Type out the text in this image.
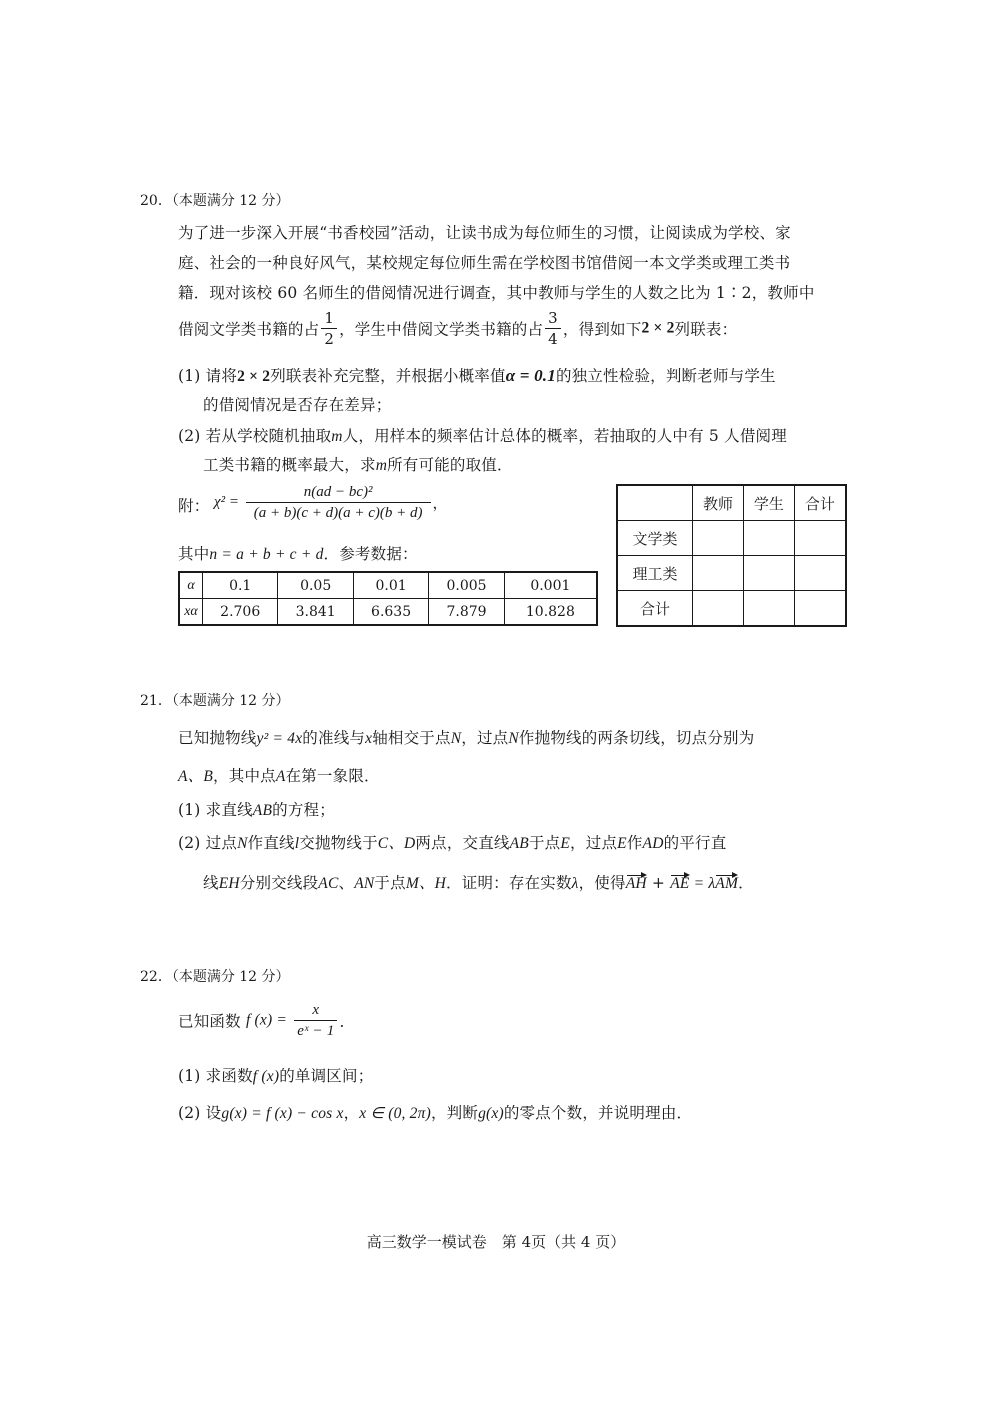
20．（本题满分 12 分）
为了进一步深入开展“书香校园”活动，让读书成为每位师生的习惯，让阅读成为学校、家
庭、社会的一种良好风气，某校规定每位师生需在学校图书馆借阅一本文学类或理工类书
籍．现对该校 60 名师生的借阅情况进行调查，其中教师与学生的人数之比为 1∶2，教师中
借阅文学类书籍的占 $\frac{1}{2}$ ，学生中借阅文学类书籍的占 $\frac{3}{4}$ ，得到如下2 × 2列联表：
(1) 请将2 × 2列联表补充完整，并根据小概率值α = 0.1的独立性检验，判断老师与学生
的借阅情况是否存在差异；
(2) 若从学校随机抽取m人，用样本的频率估计总体的概率，若抽取的人中有 5 人借阅理
工类书籍的概率最大，求m所有可能的取值．
附： $\chi^2 = \frac{\text{n(ad − bc)²}}{(a + b)(c + d)(a + c)(b + d)}$ ，
其中n = a + b + c + d．参考数据：
α	0.1	0.05	0.01	0.005	0.001
xα	2.706	3.841	6.635	7.879	10.828
	教师	学生	合计
文学类			
理工类			
合计			
21．（本题满分 12 分）
已知抛物线y² = 4x的准线与x轴相交于点N，过点N作抛物线的两条切线，切点分别为
A、B，其中点A在第一象限．
(1) 求直线AB的方程；
(2) 过点N作直线l交抛物线于C、D两点，交直线AB于点E，过点E作AD的平行直
线EH分别交线段AC、AN于点M、H．证明：存在实数λ，使得AH + AE = λAM．
22．（本题满分 12 分）
已知函数 f $(x) = \frac{x}{\text{eˣ − 1}}$ ．
(1) 求函数f (x)的单调区间；
(2) 设g(x) = f (x) − cos x，x ∈ (0, 2π)，判断g(x)的零点个数，并说明理由．
高三数学一模试卷　第 4页（共 4 页）
